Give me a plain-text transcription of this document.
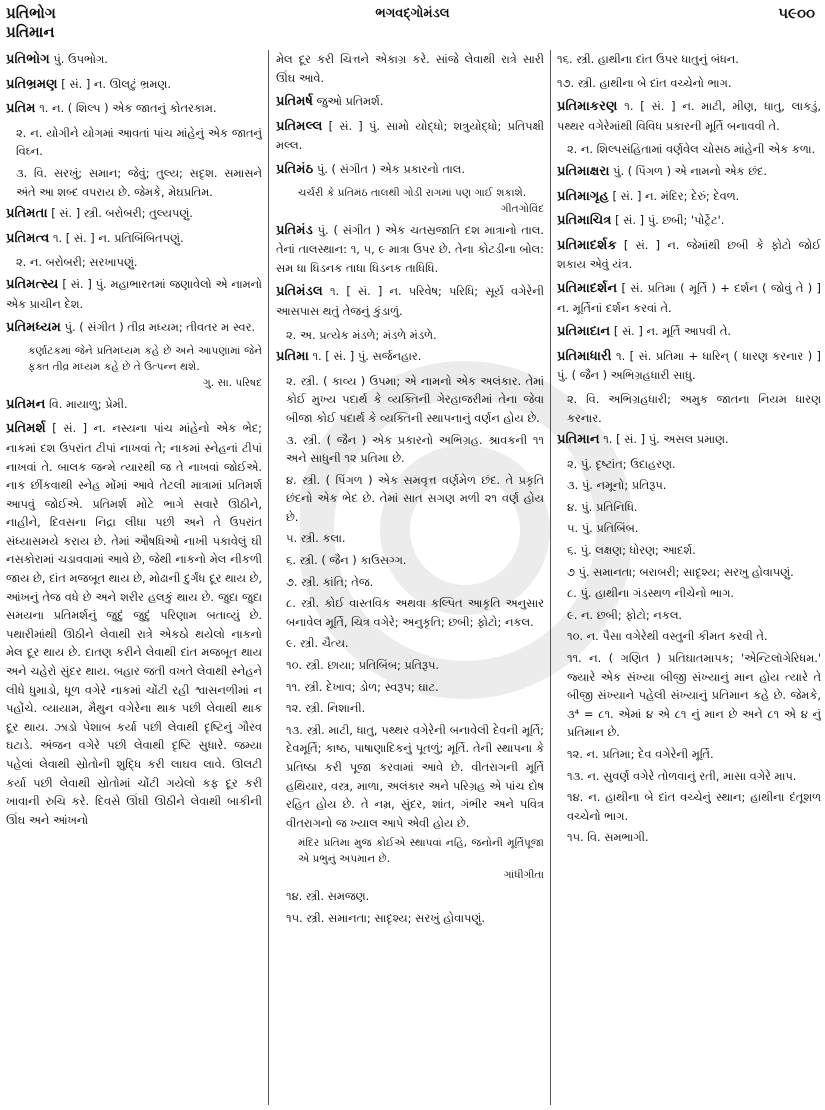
પ્રતિભોગ
પ્રતિમાન
ભગવદ્ગોમંડલ	૫૯૦૦

પ્રતિભોગ પું. ઉપભોગ.

પ્રતિભ્રમણ [ સં. ] ન. ઊલટું ભ્રમણ.

પ્રતિમ ૧. ન. ( શિલ્પ ) એક જાતનું કોતરકામ.

૨. ન. યોગીને યોગમાં આવતાં પાંચ માંહેનું એક જાતનું વિઘ્ન.

૩. વિ. સરખું; સમાન; જેવું; તુલ્ય; સદૃશ. સમાસને અંતે આ શબ્દ વપરાય છે. જેમકે, મેઘપ્રતિમ.

પ્રતિમતા [ સં. ] સ્ત્રી. બરોબરી; તુલ્યપણું.

પ્રતિમત્વ ૧. [ સં. ] ન. પ્રતિબિંબિતપણું.

૨. ન. બરોબરી; સરખાપણું.

પ્રતિમત્સ્ય [ સં. ] પું. મહાભારતમાં જણાવેલો એ નામનો એક પ્રાચીન દેશ.

પ્રતિમધ્યમ પું. ( સંગીત ) તીવ્ર મધ્યમ; તીવતર મ સ્વર.

કર્ણાટકમાં જેને પ્રતિમધ્યમ કહે છે અને આપણામાં જેને ફક્ત તીવ્ર મધ્યમ કહે છે તે ઉત્પન્ન થશે.
ગુ. સા. પરિષદ

પ્રતિમન વિ. માયાળુ; પ્રેમી.

પ્રતિમર્શ [ સં. ] ન. નસ્યના પાંચ માંહેનો એક ભેદ; નાકમાં દશ ઉપરાંત ટીપાં નાખવાં તે; નાકમાં સ્નેહનાં ટીપાં નાખવાં તે. બાલક જન્મે ત્યારથી જ તે નાખવાં જોઈએ. નાક છીંકવાથી સ્નેહ મોંમાં આવે તેટલી માત્રામાં પ્રતિમર્શ આપવું જોઈએ. પ્રતિમર્શ મોટે ભાગે સવારે ઊઠીને, નાહીને, દિવસના નિદ્રા લીધા પછી અને તે ઉપરાંત સંધ્યાસમયે કરાય છે. તેમાં ઔષધિઓ નાખી પકાવેલું ઘી નસકોરામાં ચડાવવામાં આવે છે, જેથી નાકનો મેલ નીકળી જાય છે, દાંત મજબૂત થાય છે, મોઢાની દુર્ગંધ દૂર થાય છે, આંખનું તેજ વધે છે અને શરીર હલકું થાય છે. જુદા જુદા સમયના પ્રતિમર્શનું જુદું જુદું પરિણામ બતાવ્યું છે. પથારીમાંથી ઊઠીને લેવાથી રાત્રે એકઠો થયેલો નાકનો મેલ દૂર થાય છે. દાતણ કરીને લેવાથી દાંત મજબૂત થાય અને ચહેરો સુંદર થાય. બહાર જતી વખતે લેવાથી સ્નેહને લીધે ધુમાડો, ધૂળ વગેરે નાકમાં ચોંટી રહી શ્વાસનળીમાં ન પહોંચે. વ્યાયામ, મૈથુન વગેરેના થાક પછી લેવાથી થાક દૂર થાય. ઝાડો પેશાબ કર્યા પછી લેવાથી દૃષ્ટિનું ગૌરવ ઘટાડે. અંજન વગેરે પછી લેવાથી દૃષ્ટિ સુધારે. જમ્યા પહેલાં લેવાથી સ્રોતોની શુદ્ધિ કરી લાઘવ લાવે. ઊલટી કર્યા પછી લેવાથી સ્રોતોમાં ચોંટી ગયેલો કફ દૂર કરી ખાવાની રુચિ કરે. દિવસે ઊંઘી ઊઠીને લેવાથી બાકીની ઊંઘ અને આંખનો

મેલ દૂર કરી ચિત્તને એકાગ્ર કરે. સાંજે લેવાથી રાત્રે સારી ઊંઘ આવે.

પ્રતિમર્ષ જુઓ પ્રતિમર્શ.

પ્રતિમલ્લ [ સં. ] પું. સામો યોદ્ધો; શત્રુયોદ્ધો; પ્રતિપક્ષી મલ્લ.

પ્રતિમંઠ પું. ( સંગીત ) એક પ્રકારનો તાલ.

ચર્ચરી કે પ્રતિમંઠ તાલથી ગોડી રાગમાં પણ ગાઈ શકાશે.
ગીતગોવિંદ

પ્રતિમંડ પું. ( સંગીત ) એક ચતસ્રજાતિ દશ માત્રાનો તાલ. તેનાં તાલસ્થાન: ૧, ૫, ૯ માત્રા ઉપર છે. તેના કોટડીના બોલ: સમ ધા ધિડનક તાધા ધિડનક તાધિધિ.

પ્રતિમંડલ ૧. [ સં. ] ન. પરિવેષ; પરિધિ; સૂર્ય વગેરેની આસપાસ થતું તેજનું કુંડાળું.

૨. અ. પ્રત્યેક મંડળે; મંડળે મંડળે.

પ્રતિમા ૧. [ સં. ] પું. સર્જનહાર.

૨. સ્ત્રી. ( કાવ્ય ) ઉપમા; એ નામનો એક અલંકાર. તેમાં કોઈ મુખ્ય પદાર્થ કે વ્યક્તિની ગેરહાજરીમાં તેના જેવા બીજા કોઈ પદાર્થ કે વ્યક્તિની સ્થાપનાનું વર્ણન હોય છે.

૩. સ્ત્રી. ( જૈન ) એક પ્રકારનો અભિગ્રહ. શ્રાવકની ૧૧ અને સાધુની ૧૨ પ્રતિમા છે.

૪. સ્ત્રી. ( પિંગળ ) એક સમવૃત્ત વર્ણમેળ છંદ. તે પ્રકૃતિ છંદનો એક ભેદ છે. તેમાં સાત સગણ મળી ૨૧ વર્ણ હોય છે.

૫. સ્ત્રી. કલા.

૬. સ્ત્રી. ( જૈન ) કાઉસગ્ગ.

૭. સ્ત્રી. કાંતિ; તેજ.

૮. સ્ત્રી. કોઈ વાસ્તવિક અથવા કલ્પિત આકૃતિ અનુસાર બનાવેલ મૂર્તિ, ચિત્ર વગેરે; અનુકૃતિ; છબી; ફોટો; નકલ.

૯. સ્ત્રી. ચૈત્ય.

૧૦. સ્ત્રી. છાયા; પ્રતિબિંબ; પ્રતિરૂપ.

૧૧. સ્ત્રી. દેખાવ; ડોળ; સ્વરૂપ; ઘાટ.

૧૨. સ્ત્રી. નિશાની.

૧૩. સ્ત્રી. માટી, ધાતુ, પથ્થર વગેરેની બનાવેલી દેવની મૂર્તિ; દેવમૂર્તિ; કાષ્ઠ, પાષાણાદિકનું પૂતળું; મૂર્તિ. તેની સ્થાપના કે પ્રતિષ્ઠા કરી પૂજા કરવામાં આવે છે. વીતરાગની મૂર્તિ હથિયાર, વસ્ત્ર, માળા, અલંકાર અને પરિગ્રહ એ પાંચ દોષ રહિત હોય છે. તે નમ્ર, સુંદર, શાંત, ગંભીર અને પવિત્ર વીતરાગનો જ ખ્યાલ આપે એવી હોય છે.

મંદિર પ્રતિમા મુજ કોઈએ સ્થાપવાં નહિ, જનોની મૂર્તિપૂજા એ પ્રભુનું અપમાન છે.
ગાંધીગીતા

૧૪. સ્ત્રી. સમજણ.

૧૫. સ્ત્રી. સમાનતા; સાદૃશ્ય; સરખું હોવાપણું.

૧૬. સ્ત્રી. હાથીના દાંત ઉપર ધાતુનું બંધન.

૧૭. સ્ત્રી. હાથીના બે દાંત વચ્ચેનો ભાગ.

પ્રતિમાકરણ ૧. [ સં. ] ન. માટી, મીણ, ધાતુ, લાકડું, પથ્થર વગેરેમાંથી વિવિધ પ્રકારની મૂર્તિ બનાવવી તે.

૨. ન. શિલ્પસંહિતામાં વર્ણવેલ ચોસઠ માંહેની એક કળા.

પ્રતિમાક્ષરા પું. ( પિંગળ ) એ નામનો એક છંદ.

પ્રતિમાગૃહ [ સં. ] ન. મંદિર; દેરું; દેવળ.

પ્રતિમાચિત્ર [ સં. ] પું. છબી; 'પોર્ટ્રેટ'.

પ્રતિમાદર્શક [ સં. ] ન. જેમાંથી છબી કે ફોટો જોઈ શકાય એવું યંત્ર.

પ્રતિમાદર્શન [ સં. પ્રતિમા ( મૂર્તિ ) + દર્શન ( જોવું તે ) ] ન. મૂર્તિનાં દર્શન કરવાં તે.

પ્રતિમાદાન [ સં. ] ન. મૂર્તિ આપવી તે.

પ્રતિમાધારી ૧. [ સં. પ્રતિમા + ધારિન્ ( ધારણ કરનાર ) ] પું. ( જૈન ) અભિગ્રહધારી સાધુ.

૨. વિ. અભિગ્રહધારી; અમુક જાતના નિયમ ધારણ કરનાર.

પ્રતિમાન ૧. [ સં. ] પું. અસલ પ્રમાણ.

૨. પું. દૃષ્ટાંત; ઉદાહરણ.

૩. પું. નમૂનો; પ્રતિરૂપ.

૪. પું. પ્રતિનિધિ.

૫. પું. પ્રતિબિંબ.

૬. પું. લક્ષણ; ધોરણ; આદર્શ.

૭ પું. સમાનતા; બરાબરી; સાદૃશ્ય; સરખુ હોવાપણું.

૮. પું. હાથીના ગંડસ્થળ નીચેનો ભાગ.

૯. ન. છબી; ફોટો; નકલ.

૧૦. ન. પૈસા વગેરેથી વસ્તુની કીમત કરવી તે.

૧૧. ન. ( ગણિત ) પ્રતિઘાતમાપક; 'એન્ટિલૉગેરિધમ.' જ્યારે એક સંખ્યા બીજી સંખ્યાનું માન હોય ત્યારે તે બીજી સંખ્યાને પહેલી સંખ્યાનું પ્રતિમાન કહે છે. જેમકે, ૩⁴ = ૮૧. એમાં ૪ એ ૮૧ નું માન છે અને ૮૧ એ ૪ નું પ્રતિમાન છે.

૧૨. ન. પ્રતિમા; દેવ વગેરેની મૂર્તિ.

૧૩. ન. સુવર્ણ વગેરે તોળવાનું રતી, માસા વગેરે માપ.

૧૪. ન. હાથીના બે દાંત વચ્ચેનું સ્થાન; હાથીના દંતૂશળ વચ્ચેનો ભાગ.

૧૫. વિ. સમભાગી.
